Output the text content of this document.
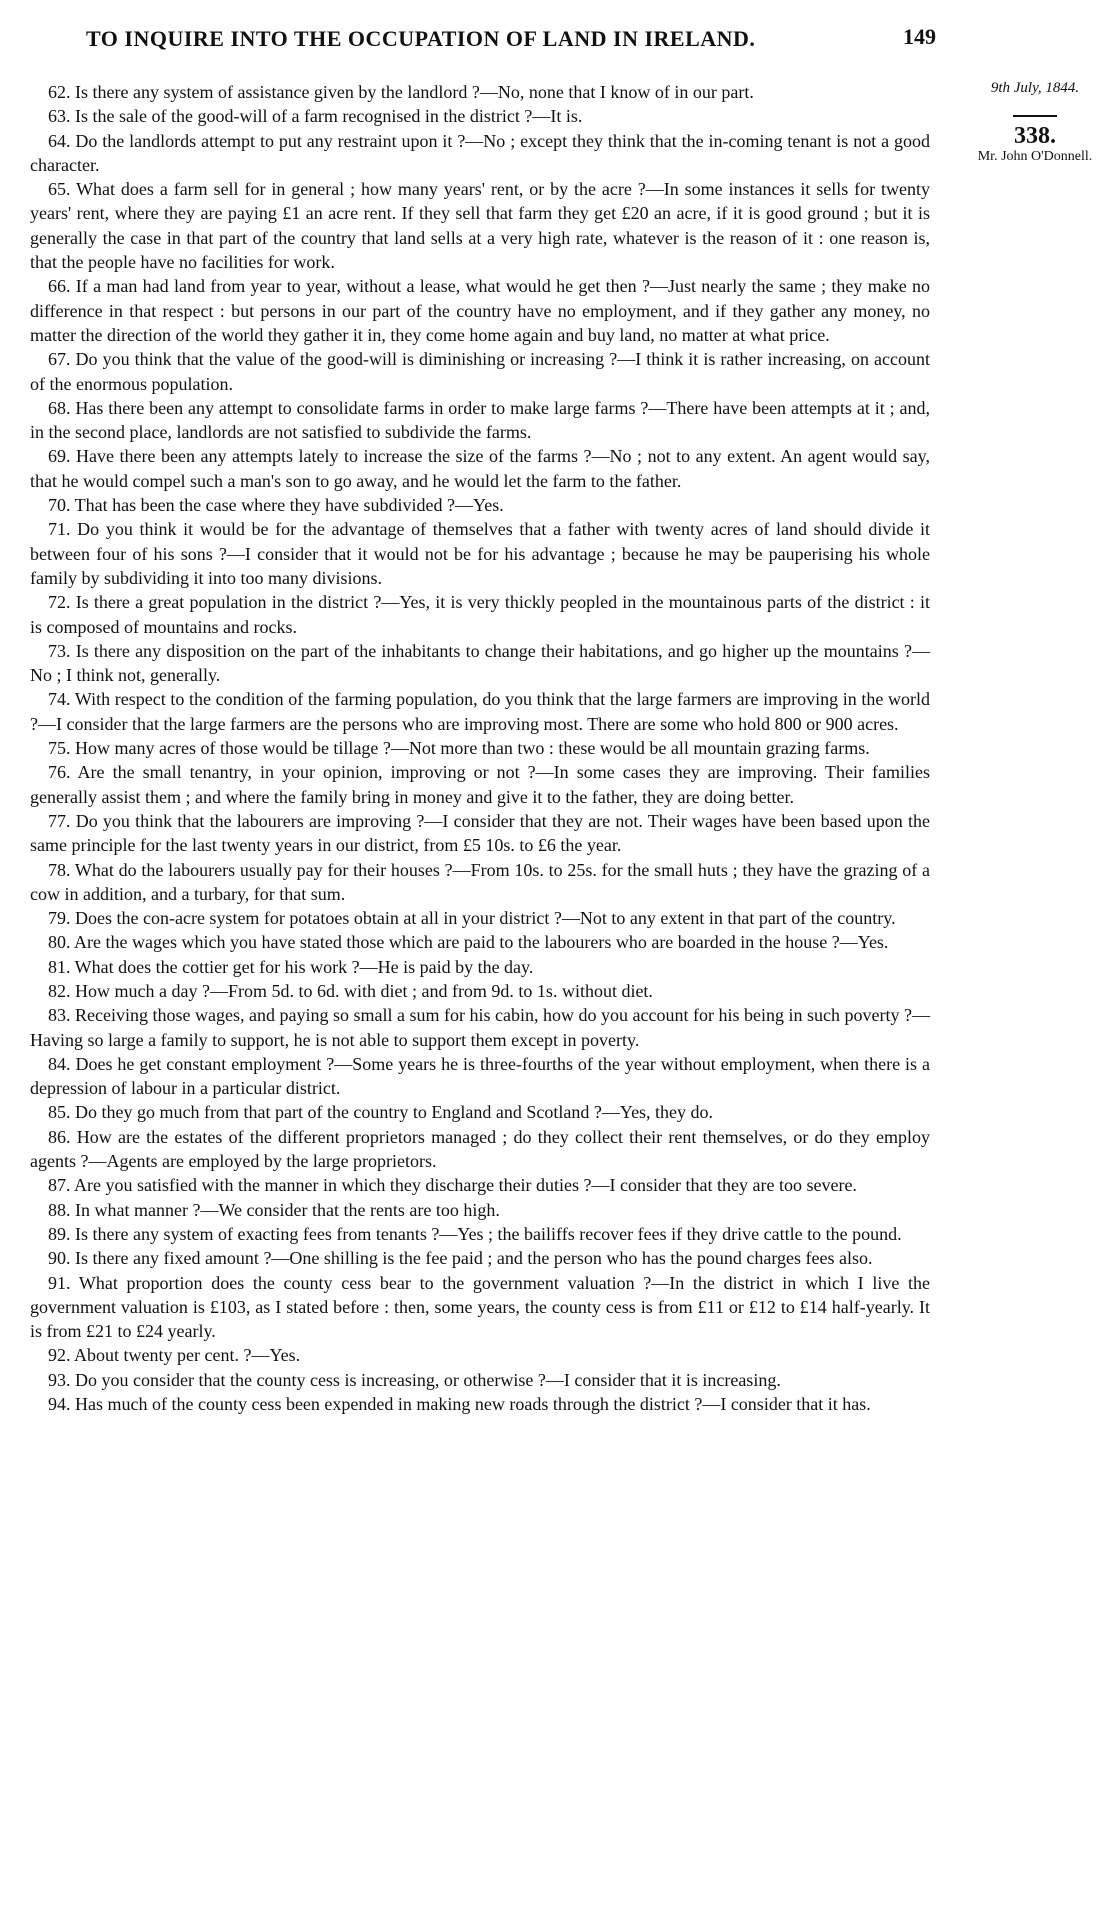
TO INQUIRE INTO THE OCCUPATION OF LAND IN IRELAND.	149
9th July, 1844.
338.
Mr. John O'Donnell.

62. Is there any system of assistance given by the landlord ?—No, none that I know of in our part.

63. Is the sale of the good-will of a farm recognised in the district ?—It is.

64. Do the landlords attempt to put any restraint upon it ?—No ; except they think that the in-coming tenant is not a good character.

65. What does a farm sell for in general ; how many years' rent, or by the acre ?—In some instances it sells for twenty years' rent, where they are paying £1 an acre rent. If they sell that farm they get £20 an acre, if it is good ground ; but it is generally the case in that part of the country that land sells at a very high rate, whatever is the reason of it : one reason is, that the people have no facilities for work.

66. If a man had land from year to year, without a lease, what would he get then ?—Just nearly the same ; they make no difference in that respect : but persons in our part of the country have no employment, and if they gather any money, no matter the direction of the world they gather it in, they come home again and buy land, no matter at what price.

67. Do you think that the value of the good-will is diminishing or increasing ?—I think it is rather increasing, on account of the enormous population.

68. Has there been any attempt to consolidate farms in order to make large farms ?—There have been attempts at it ; and, in the second place, landlords are not satisfied to subdivide the farms.

69. Have there been any attempts lately to increase the size of the farms ?—No ; not to any extent. An agent would say, that he would compel such a man's son to go away, and he would let the farm to the father.

70. That has been the case where they have subdivided ?—Yes.

71. Do you think it would be for the advantage of themselves that a father with twenty acres of land should divide it between four of his sons ?—I consider that it would not be for his advantage ; because he may be pauperising his whole family by subdividing it into too many divisions.

72. Is there a great population in the district ?—Yes, it is very thickly peopled in the mountainous parts of the district : it is composed of mountains and rocks.

73. Is there any disposition on the part of the inhabitants to change their habitations, and go higher up the mountains ?—No ; I think not, generally.

74. With respect to the condition of the farming population, do you think that the large farmers are improving in the world ?—I consider that the large farmers are the persons who are improving most. There are some who hold 800 or 900 acres.

75. How many acres of those would be tillage ?—Not more than two : these would be all mountain grazing farms.

76. Are the small tenantry, in your opinion, improving or not ?—In some cases they are improving. Their families generally assist them ; and where the family bring in money and give it to the father, they are doing better.

77. Do you think that the labourers are improving ?—I consider that they are not. Their wages have been based upon the same principle for the last twenty years in our district, from £5 10s. to £6 the year.

78. What do the labourers usually pay for their houses ?—From 10s. to 25s. for the small huts ; they have the grazing of a cow in addition, and a turbary, for that sum.

79. Does the con-acre system for potatoes obtain at all in your district ?—Not to any extent in that part of the country.

80. Are the wages which you have stated those which are paid to the labourers who are boarded in the house ?—Yes.

81. What does the cottier get for his work ?—He is paid by the day.

82. How much a day ?—From 5d. to 6d. with diet ; and from 9d. to 1s. without diet.

83. Receiving those wages, and paying so small a sum for his cabin, how do you account for his being in such poverty ?—Having so large a family to support, he is not able to support them except in poverty.

84. Does he get constant employment ?—Some years he is three-fourths of the year without employment, when there is a depression of labour in a particular district.

85. Do they go much from that part of the country to England and Scotland ?—Yes, they do.

86. How are the estates of the different proprietors managed ; do they collect their rent themselves, or do they employ agents ?—Agents are employed by the large proprietors.

87. Are you satisfied with the manner in which they discharge their duties ?—I consider that they are too severe.

88. In what manner ?—We consider that the rents are too high.

89. Is there any system of exacting fees from tenants ?—Yes ; the bailiffs recover fees if they drive cattle to the pound.

90. Is there any fixed amount ?—One shilling is the fee paid ; and the person who has the pound charges fees also.

91. What proportion does the county cess bear to the government valuation ?—In the district in which I live the government valuation is £103, as I stated before : then, some years, the county cess is from £11 or £12 to £14 half-yearly. It is from £21 to £24 yearly.

92. About twenty per cent. ?—Yes.

93. Do you consider that the county cess is increasing, or otherwise ?—I consider that it is increasing.

94. Has much of the county cess been expended in making new roads through the district ?—I consider that it has.
